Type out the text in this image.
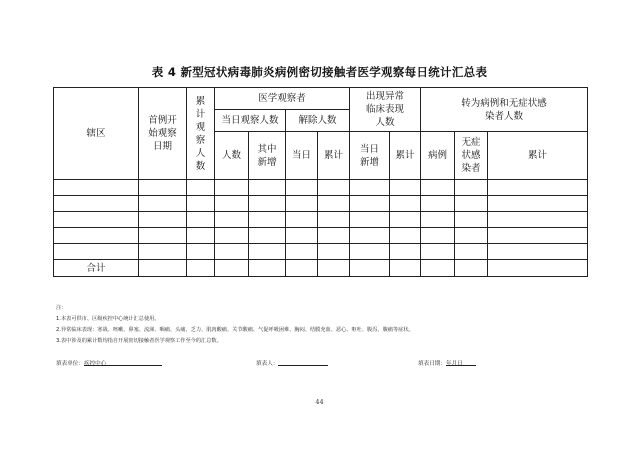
表 4 新型冠状病毒肺炎病例密切接触者医学观察每日统计汇总表
辖区	首例开始观察日期	累计观察人数	医学观察者				出现异常临床表现人数		转为病例和无症状感染者人数

			当日观察人数		解除人数							
			人数	其中新增	当日	累计	当日新增	累计	病例	无症状感染者	累计	

合计												
注：
1.本表可供市、区级疾控中心统计汇总使用。
2.异常临床表现：寒战、咳嗽、鼻塞、流涕、咽痛、头痛、乏力、肌肉酸痛、关节酸痛、气促呼吸困难、胸闷、结膜充血、恶心、呕吐、腹泻、腹痛等症状。
3.表中涉及的累计数均指自开展密切接触者医学观察工作至今的汇总数。
填表单位：
疾控中心	填表人：	填表日期：
年
月
日
44
